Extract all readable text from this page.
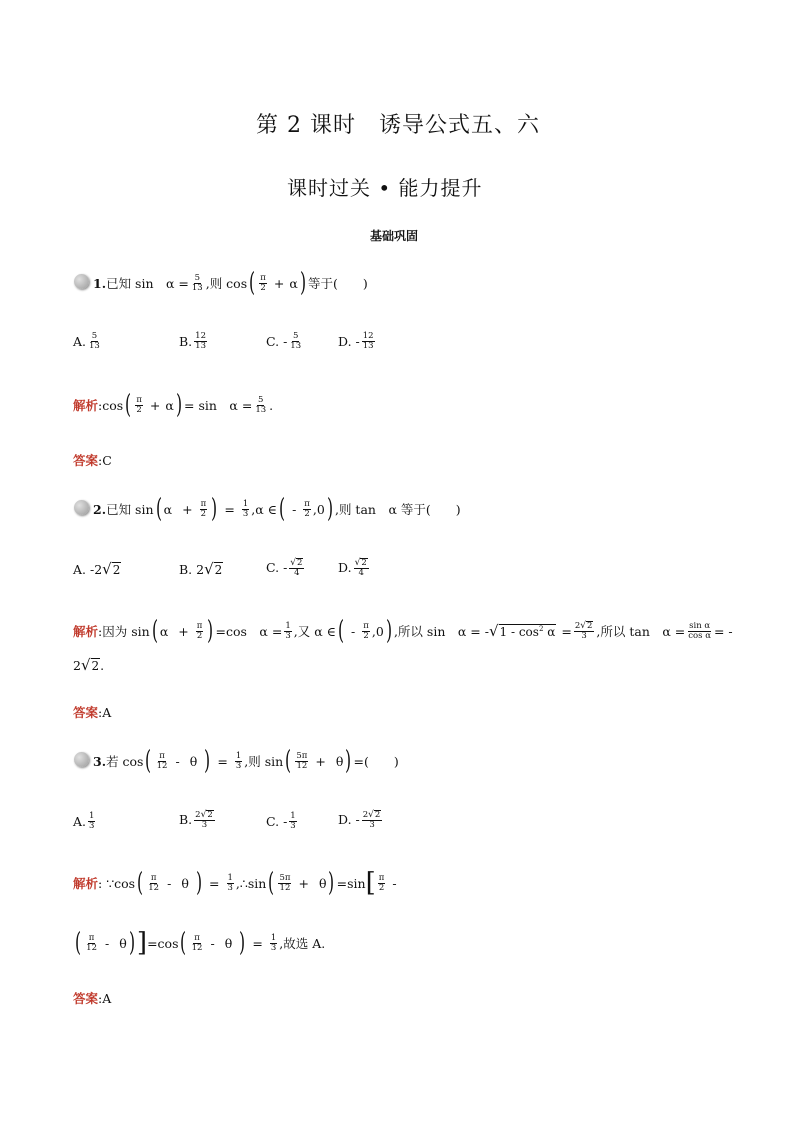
第 2 课时　诱导公式五、六
课时过关 • 能力提升
基础巩固
1. 已知 sin　$\alpha = \frac{5}{13}$ ,则 cos ( $\frac{\pi}{2} + \alpha$ ) 等于(　　)
A. $\frac{5}{13}$	B. $\frac{12}{13}$	C. - $\frac{5}{13}$	D. - $\frac{12}{13}$
解析 :cos ( $\frac{\pi}{2} + \alpha$ ) = sin　$\alpha = \frac{5}{13}$ .
答案 : C
2. 已知 sin ( $\alpha + \frac{\pi}{2}$ ) = $\frac{1}{3}$ , α ∈ ( - $\frac{\pi}{2}$ , 0 ) ,则 tan　α 等于(　　)
A. -2 √ 2	B. 2 √ 2	C. - $\frac{√ 2}{4}$	D. $\frac{√ 2}{4}$
解析 : 因为 sin ( $\alpha + \frac{\pi}{2}$ ) =cos　$\alpha = \frac{1}{3}$ ,又 α ∈ ( - $\frac{\pi}{2}$ , 0 ) ,所以 sin　α = - √ $1 - \cos^2 \alpha = \frac{2 √ 2}{3}$ ,所以 tan　$\alpha = \frac{\text{sin α}}{\text{cos α}}$ = -
2 √ 2 .
答案 : A
3. 若 cos ( $\frac{\pi}{12}$ - θ ) = $\frac{1}{3}$ ,则 sin ( $\frac{5\pi}{12} + \theta$ ) =(　　)
A. $\frac{1}{3}$	B. $\frac{2 √ 2}{3}$	C. - $\frac{1}{3}$	D. - $\frac{2 √ 2}{3}$
解析 : ∵cos ( $\frac{\pi}{12}$ - θ ) = $\frac{1}{3}$ ,∴sin ( $\frac{5\pi}{12} + \theta$ ) =sin [ $\frac{\pi}{2}$ -
( $\frac{\pi}{12}$ - θ ) ] =cos ( $\frac{\pi}{12}$ - θ ) = $\frac{1}{3}$ ,故选 A.
答案 : A
